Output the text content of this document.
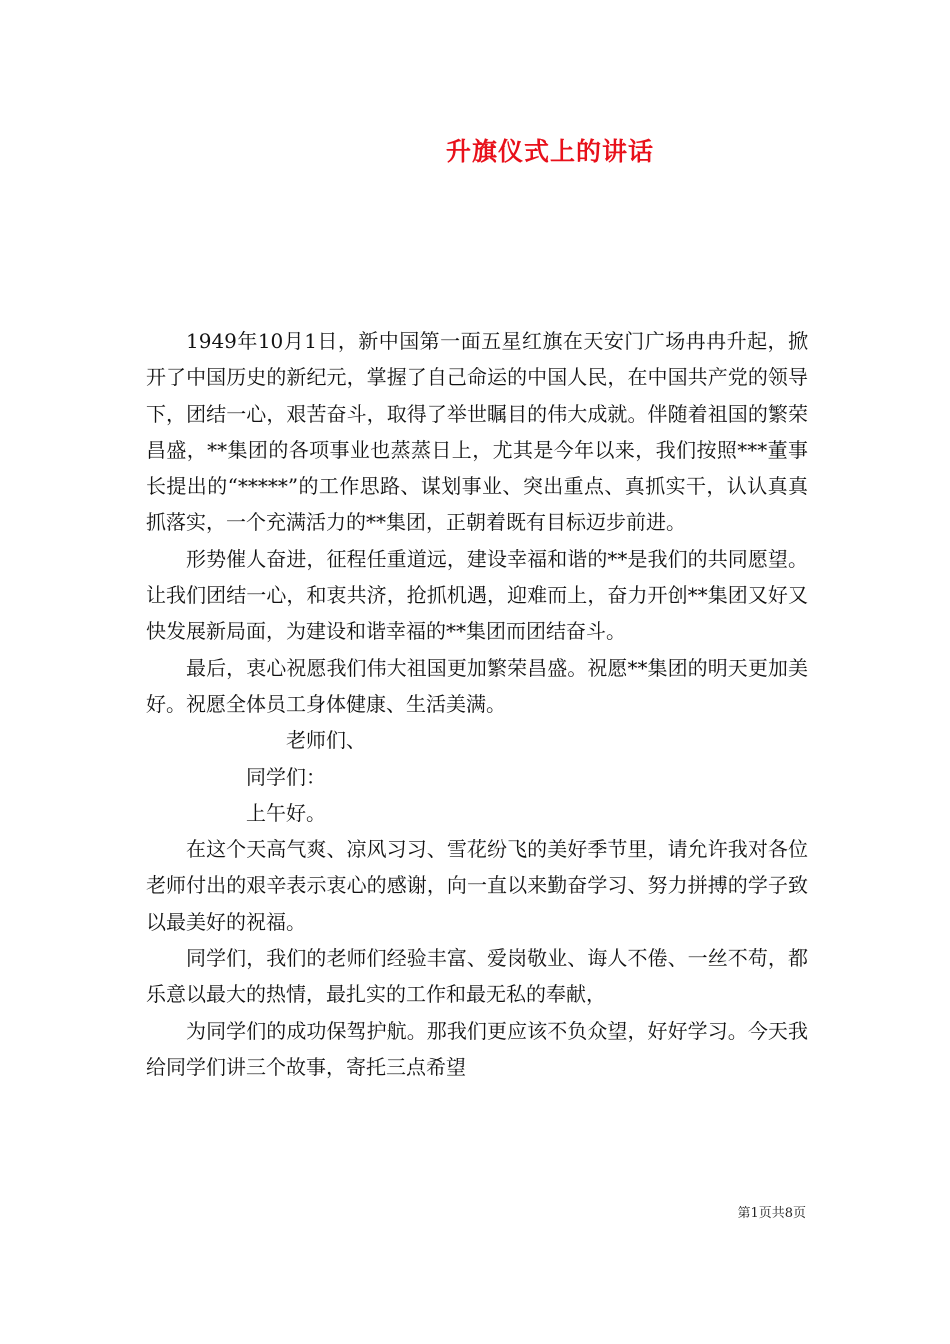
升旗仪式上的讲话

1949年10月1日，新中国第一面五星红旗在天安门广场冉冉升起，掀开了中国历史的新纪元，掌握了自己命运的中国人民，在中国共产党的领导下，团结一心，艰苦奋斗，取得了举世瞩目的伟大成就。伴随着祖国的繁荣昌盛，**集团的各项事业也蒸蒸日上，尤其是今年以来，我们按照***董事长提出的“*****”的工作思路、谋划事业、突出重点、真抓实干，认认真真抓落实，一个充满活力的**集团，正朝着既有目标迈步前进。

形势催人奋进，征程任重道远，建设幸福和谐的**是我们的共同愿望。让我们团结一心，和衷共济，抢抓机遇，迎难而上，奋力开创**集团又好又快发展新局面，为建设和谐幸福的**集团而团结奋斗。

最后，衷心祝愿我们伟大祖国更加繁荣昌盛。祝愿**集团的明天更加美好。祝愿全体员工身体健康、生活美满。

老师们、

同学们：

上午好。

在这个天高气爽、凉风习习、雪花纷飞的美好季节里，请允许我对各位老师付出的艰辛表示衷心的感谢，向一直以来勤奋学习、努力拼搏的学子致以最美好的祝福。

同学们，我们的老师们经验丰富、爱岗敬业、诲人不倦、一丝不苟，都乐意以最大的热情，最扎实的工作和最无私的奉献，

为同学们的成功保驾护航。那我们更应该不负众望，好好学习。今天我给同学们讲三个故事，寄托三点希望

第1页共8页
